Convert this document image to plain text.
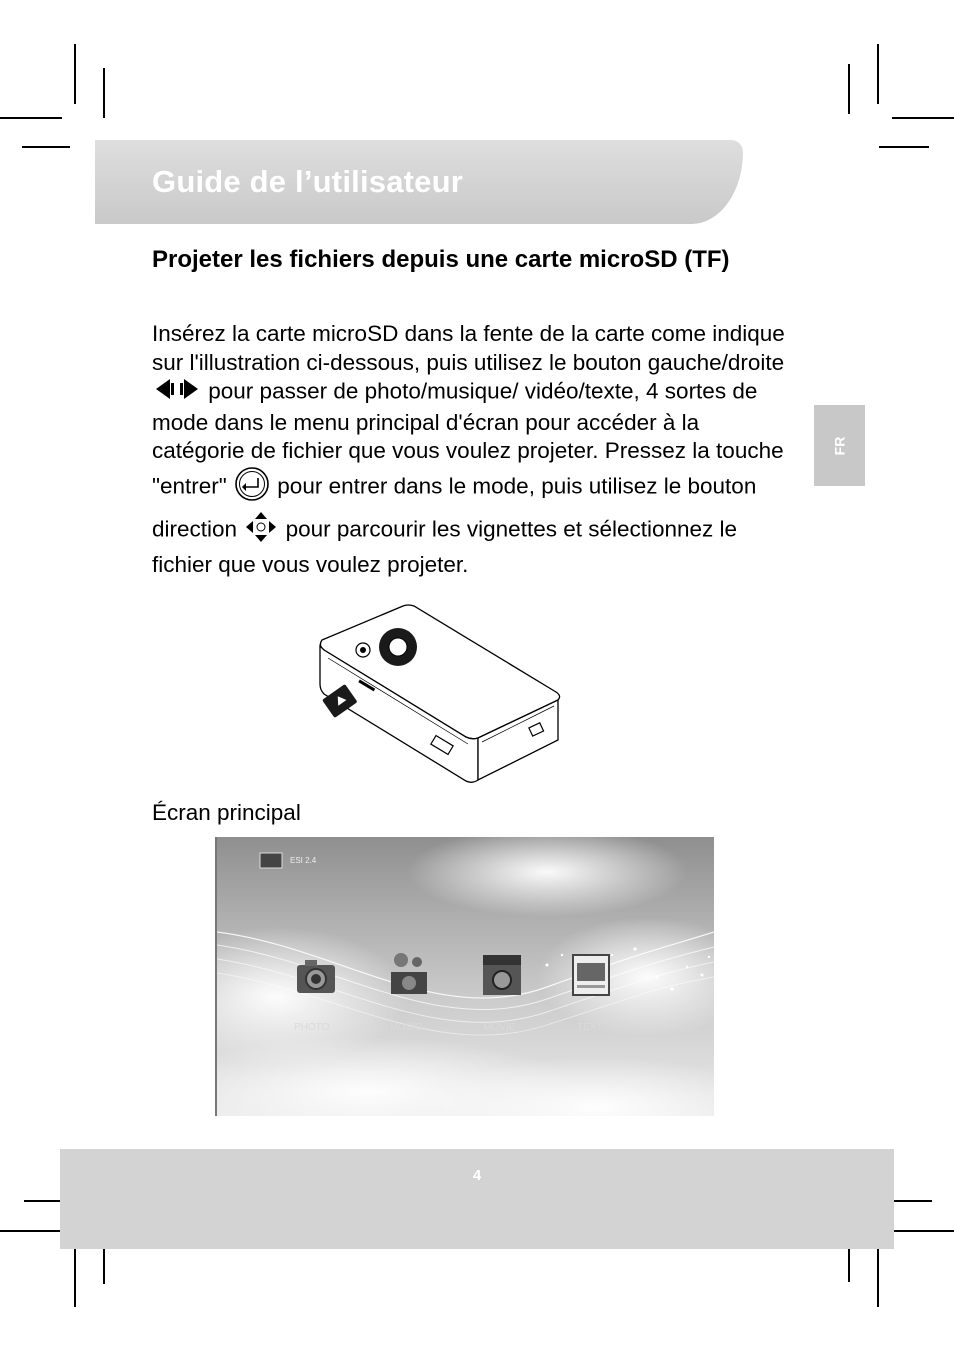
Guide de l’utilisateur
Projeter les fichiers depuis une carte microSD (TF)
Insérez la carte microSD dans la fente de la carte come indique sur l'illustration ci-dessous, puis utilisez le bouton gauche/droite  pour passer de photo/musique/ vidéo/texte, 4 sortes de mode dans le menu principal d'écran pour accéder à la catégorie de fichier que vous voulez projeter. Pressez la touche "entrer" pour entrer dans le mode, puis utilisez le bouton direction pour parcourir les vignettes et sélectionnez le fichier que vous voulez projeter.
FR
Écran principal
ESI 2.4
PHOTO	MUSIC	MOVIE	TEXT
4
